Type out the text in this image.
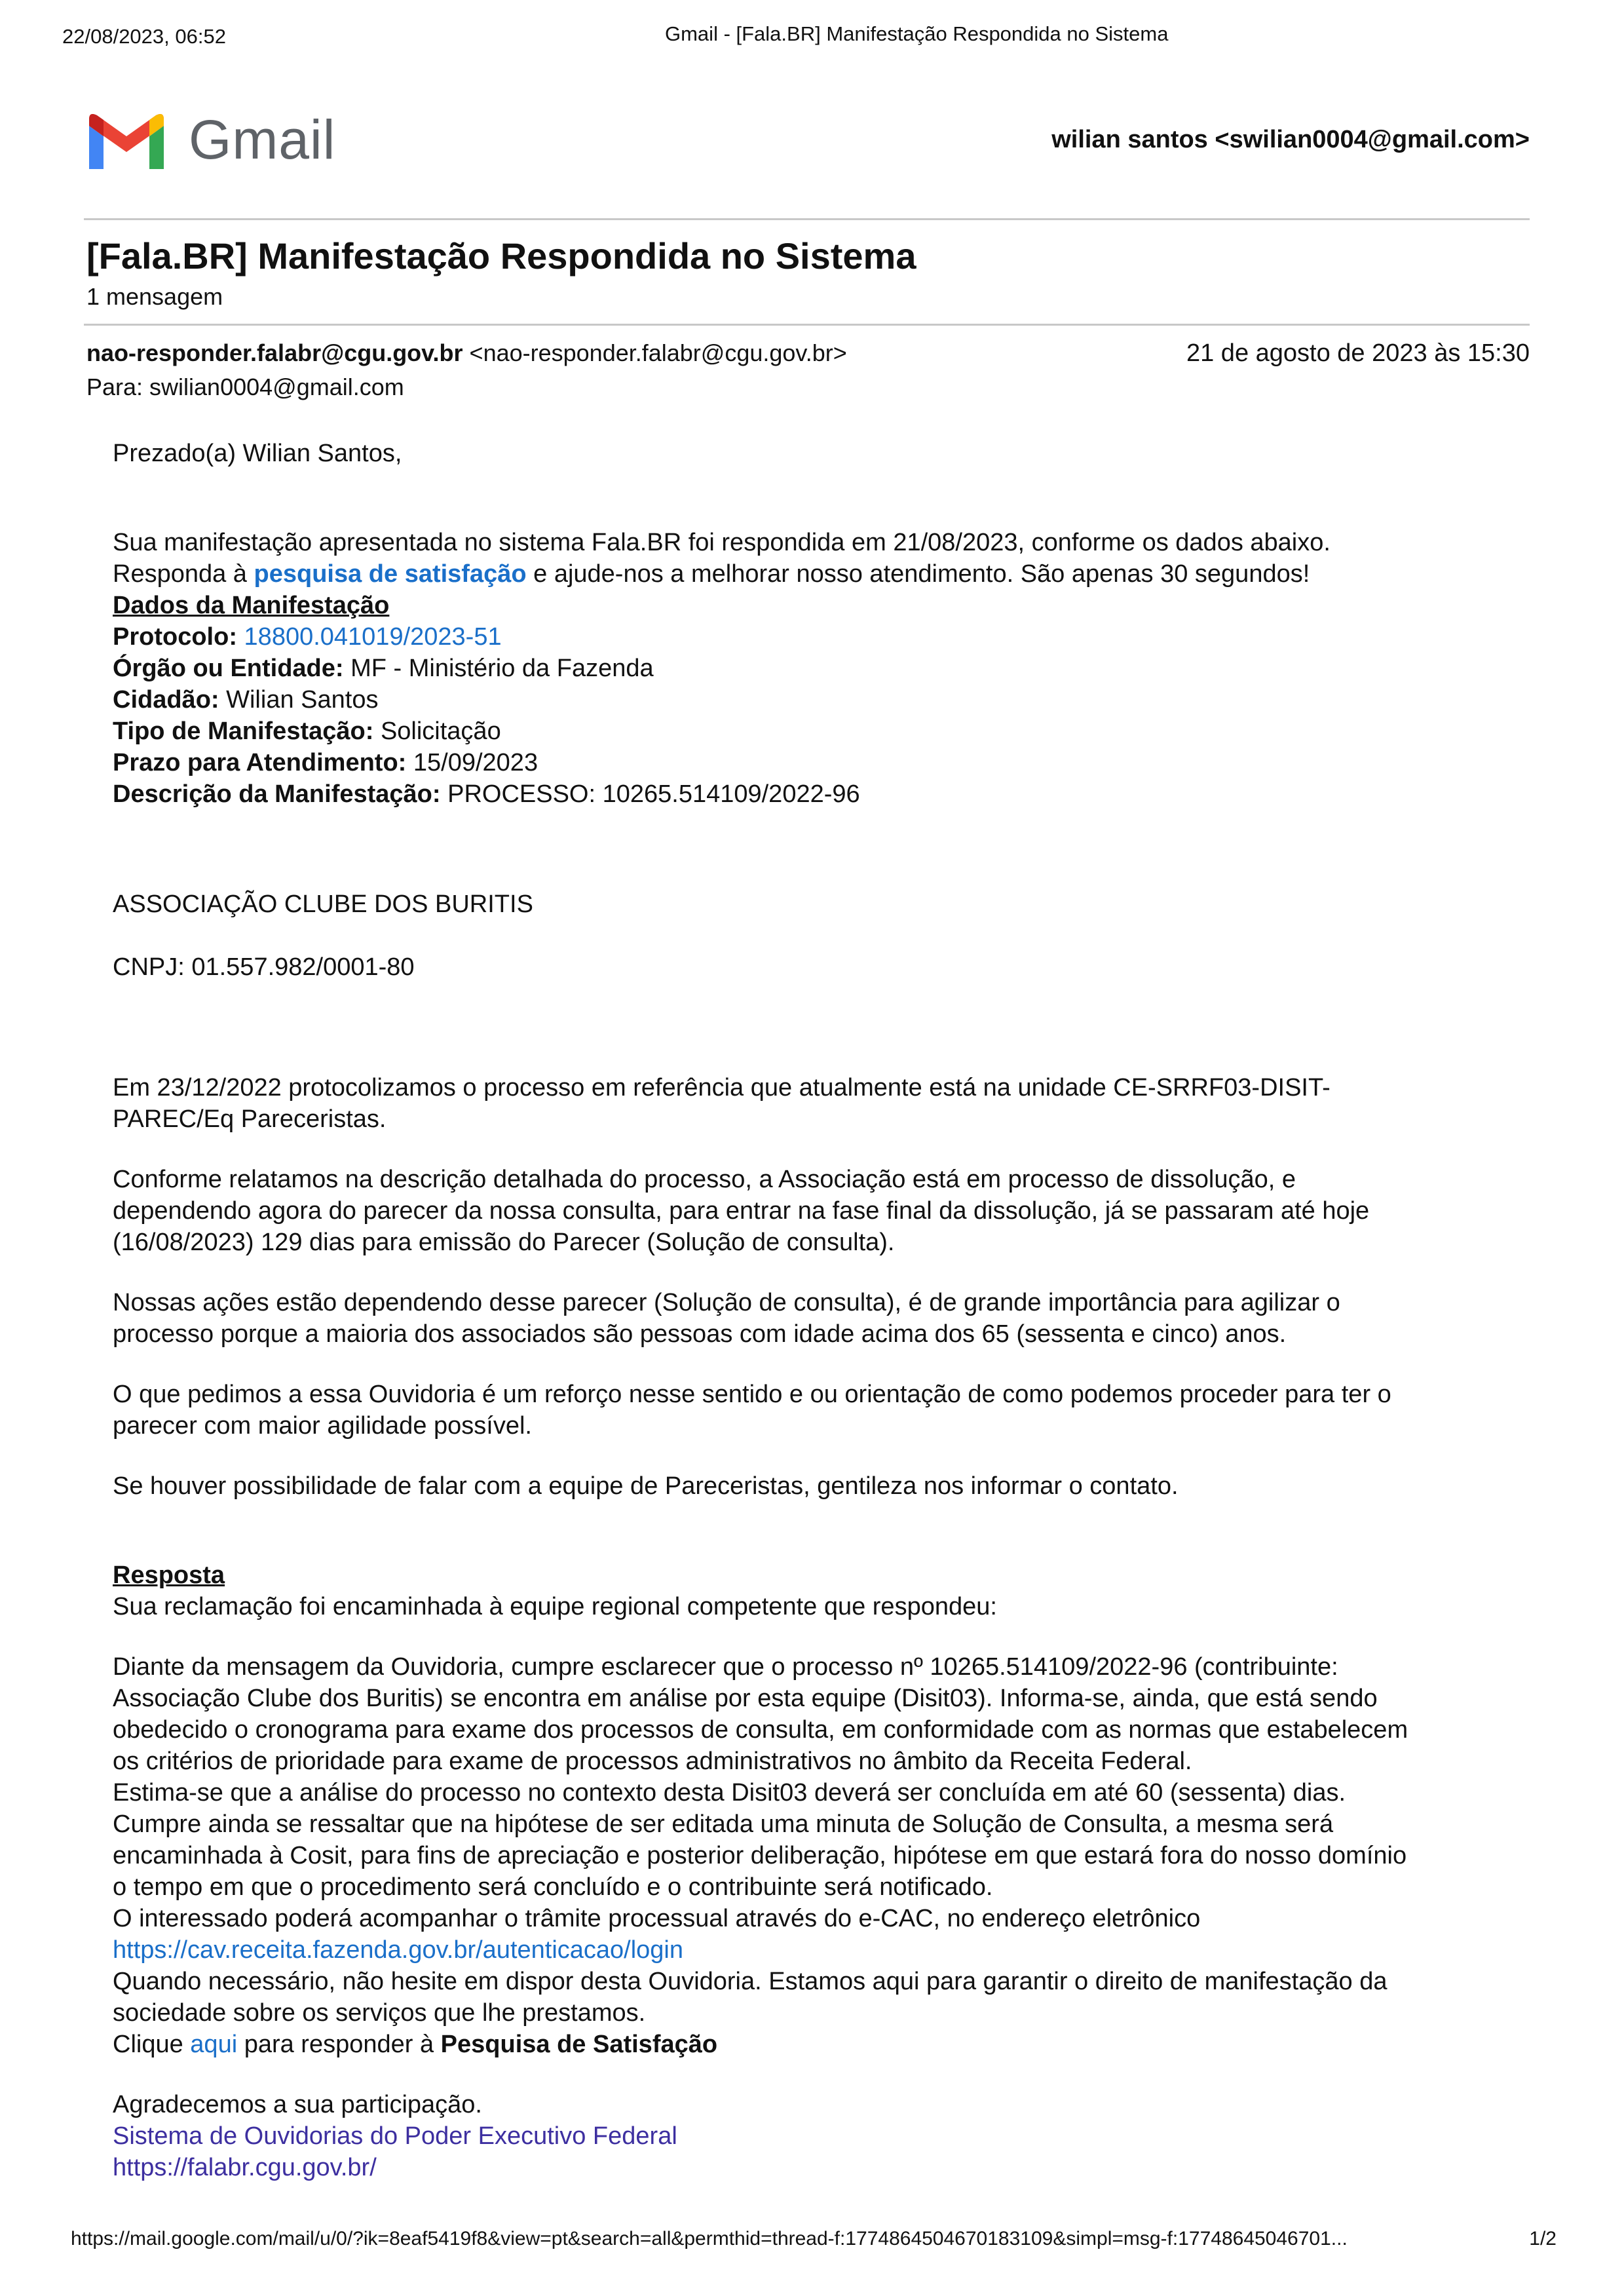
22/08/2023, 06:52	Gmail - [Fala.BR] Manifestação Respondida no Sistema
Gmail	wilian santos <swilian0004@gmail.com>
[Fala.BR] Manifestação Respondida no Sistema
1 mensagem
nao-responder.falabr@cgu.gov.br <nao-responder.falabr@cgu.gov.br>
Para: swilian0004@gmail.com
21 de agosto de 2023 às 15:30

Prezado(a) Wilian Santos,

Sua manifestação apresentada no sistema Fala.BR foi respondida em 21/08/2023, conforme os dados abaixo.

Responda à pesquisa de satisfação e ajude-nos a melhorar nosso atendimento. São apenas 30 segundos!

Dados da Manifestação

Protocolo: 18800.041019/2023-51

Órgão ou Entidade: MF - Ministério da Fazenda

Cidadão: Wilian Santos

Tipo de Manifestação: Solicitação

Prazo para Atendimento: 15/09/2023

Descrição da Manifestação: PROCESSO: 10265.514109/2022-96

ASSOCIAÇÃO CLUBE DOS BURITIS

CNPJ: 01.557.982/0001-80

Em 23/12/2022 protocolizamos o processo em referência que atualmente está na unidade CE-SRRF03-DISIT-

PAREC/Eq Pareceristas.

Conforme relatamos na descrição detalhada do processo, a Associação está em processo de dissolução, e

dependendo agora do parecer da nossa consulta, para entrar na fase final da dissolução, já se passaram até hoje

(16/08/2023) 129 dias para emissão do Parecer (Solução de consulta).

Nossas ações estão dependendo desse parecer (Solução de consulta), é de grande importância para agilizar o

processo porque a maioria dos associados são pessoas com idade acima dos 65 (sessenta e cinco) anos.

O que pedimos a essa Ouvidoria é um reforço nesse sentido e ou orientação de como podemos proceder para ter o

parecer com maior agilidade possível.

Se houver possibilidade de falar com a equipe de Pareceristas, gentileza nos informar o contato.

Resposta

Sua reclamação foi encaminhada à equipe regional competente que respondeu:

Diante da mensagem da Ouvidoria, cumpre esclarecer que o processo nº 10265.514109/2022-96 (contribuinte:

Associação Clube dos Buritis) se encontra em análise por esta equipe (Disit03). Informa-se, ainda, que está sendo

obedecido o cronograma para exame dos processos de consulta, em conformidade com as normas que estabelecem

os critérios de prioridade para exame de processos administrativos no âmbito da Receita Federal.

Estima-se que a análise do processo no contexto desta Disit03 deverá ser concluída em até 60 (sessenta) dias.

Cumpre ainda se ressaltar que na hipótese de ser editada uma minuta de Solução de Consulta, a mesma será

encaminhada à Cosit, para fins de apreciação e posterior deliberação, hipótese em que estará fora do nosso domínio

o tempo em que o procedimento será concluído e o contribuinte será notificado.

O interessado poderá acompanhar o trâmite processual através do e-CAC, no endereço eletrônico

https://cav.receita.fazenda.gov.br/autenticacao/login

Quando necessário, não hesite em dispor desta Ouvidoria. Estamos aqui para garantir o direito de manifestação da

sociedade sobre os serviços que lhe prestamos.

Clique aqui para responder à Pesquisa de Satisfação

Agradecemos a sua participação.

Sistema de Ouvidorias do Poder Executivo Federal

https://falabr.cgu.gov.br/

https://mail.google.com/mail/u/0/?ik=8eaf5419f8&view=pt&search=all&permthid=thread-f:1774864504670183109&simpl=msg-f:17748645046701...	1/2
